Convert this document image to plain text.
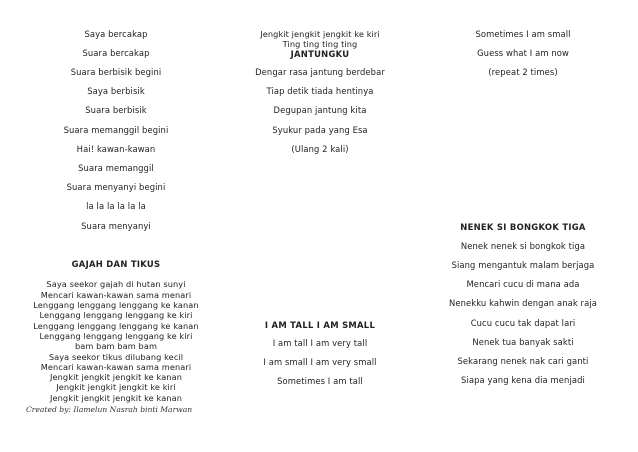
Saya bercakap
Suara bercakap
Suara berbisik begini
Saya berbisik
Suara berbisik
Suara memanggil begini
Hai! kawan-kawan
Suara memanggil
Suara menyanyi begini
la la la la la la
Suara menyanyi
GAJAH DAN TIKUS
Saya seekor gajah di hutan sunyi
Mencari kawan-kawan sama menari
Lenggang lenggang lenggang ke kanan
Lenggang lenggang lenggang ke kiri
Lenggang lenggang lenggang ke kanan
Lenggang lenggang lenggang ke kiri
bam bam bam bam
Saya seekor tikus dilubang kecil
Mencari kawan-kawan sama menari
Jengkit jengkit jengkit ke kanan
Jengkit jengkit jengkit ke kiri
Jengkit jengkit jengkit ke kanan
Created by: Ilamelun Nasrah binti Marwan
Jengkit jengkit jengkit ke kiri
Ting ting ting ting
JANTUNGKU
Dengar rasa jantung berdebar
Tiap detik tiada hentinya
Degupan jantung kita
Syukur pada yang Esa
(Ulang 2 kali)
I AM TALL I AM SMALL
I am tall I am very tall
I am small I am very small
Sometimes I am tall
Sometimes I am small
Guess what I am now
(repeat 2 times)
NENEK SI BONGKOK TIGA
Nenek nenek si bongkok tiga
Siang mengantuk malam berjaga
Mencari cucu di mana ada
Nenekku kahwin dengan anak raja
Cucu cucu tak dapat lari
Nenek tua banyak sakti
Sekarang nenek nak cari ganti
Siapa yang kena dia menjadi
